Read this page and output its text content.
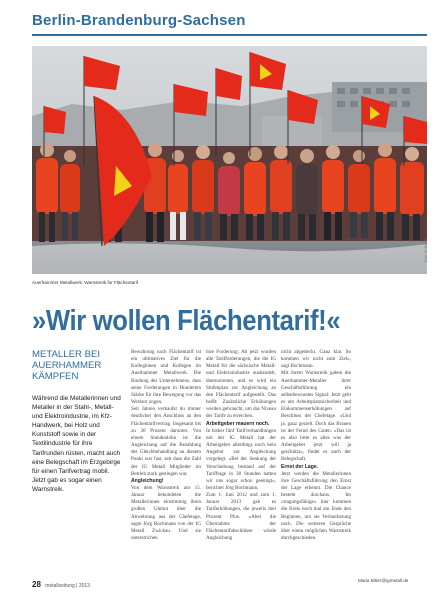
Berlin-Brandenburg-Sachsen
Foto: IG Metall
Auerhammer Metallwerk: Warnstreik für Flächentarif
»Wir wollen Flächentarif!«
METALLER BEI AUERHAMMER KÄMPFEN
Während die Metallerinnen und Metaller in der Stahl-, Metall- und Elektroindustrie, im Kfz-Handwerk, bei Holz und Kunststoff sowie in der Textilindustrie für ihre Tarifrunden rüsten, macht auch eine Belegschaft im Erzgebirge für einen Tarifvertrag mobil. Jetzt gab es sogar einen Warnstreik.

Bewahrung nach Flächentarif ist ein ultimatives Ziel für die Kolleginnen und Kollegen im Auerhammer Metallwerk. Die Bindung des Unternehmens, dass seine Forderungen in Hunderten Stärke für ihre Bewegung vor das Werktor zogen.

Seit Jahren verkaufst du immer deutlicher den Anschluss an den Flächentarifvertrag. Insgesamt bis zu 30 Prozent darunter. Von einem Stundenlohn ist die Angleichung auf die Bezahlung der Gleichbehandlung an diesem Punkt war fast, seit dass die Zahl der IG Metall Mitglieder im Betrieb stark gestiegen war.

Angleichung!

Von dem Warnstreik am 15. Januar bekundeten die Metallerinnen einstimmig ihren großen Unmut über die Abwehrung aus der Chefetage, sagte Jörg Bochmann von der IG Metall Zwickau. Und sie unterstrichen

ihre Forderung: Ab jetzt wurden alle Tarifforderungen, die die IG Metall für die sächsische Metall- und Elektroindustrie aushandelt, übernommen, und es wird ein Stufenplan zur Angleichung an den Flächentarif aufgestellt. Das heißt: Zusätzliche Erhöhungen werden gebraucht, um das Niveau der Tarife zu erreichen.

Arbeitgeber mauern noch.

In bisher fünf Tarifverhandlungen mit der IG Metall hat der Arbeitgeber allerdings noch kein Angebot zur Angleichung vorgelegt. »Bei der Senkung der Verschiebung bestand auf der Tariffrage in 38 Stunden hatten wir uns sogar schon geeinigt«, berichtet Jörg Bochmann.

Zum 1. Juni 2012 und zum 1. Januar 2013 gab es Tariferhöhungen, die jeweils drei Prozent Plus. »Aber die Übernahme der Flächentarifabschlüsse würde Angleichung

nicht abgedeckt. Ganz klar. So kommen wir nicht zum Ziel«, sagt Bochmann.

Mit ihrem Warnstreik gaben die Auerhammer-Metaller ihrer Geschäftsführung ein selbstbewusstes Signal: Jetzt geht es um Arbeitsplatzsicherheit und Einkommenserhöhungen auf Beschluss der Chefetage. »Und ja, ganz gezielt. Doch das Brauen ist der Feind des Guten. »Das ist es also bitte es alles was der Arbeitgeber jetzt will ja geschützt«, findet es auch der Belegschaft.

Ernst der Lage.

Jetzt werden die Metallerinnen ihre Geschäftsführung den Ernst der Lage erkennt. Die Chance besteht durchaus. Im »tragungsfähige« hier kommen die Kreis noch mal am Ende den Beginnen, um sie Verlautbarung nach. Die weiteren Gespräche über einen möglichen Warnstreik durchgeschieden.

Maria Bitter@igmetall.de
28 metallzeitung | 2013
